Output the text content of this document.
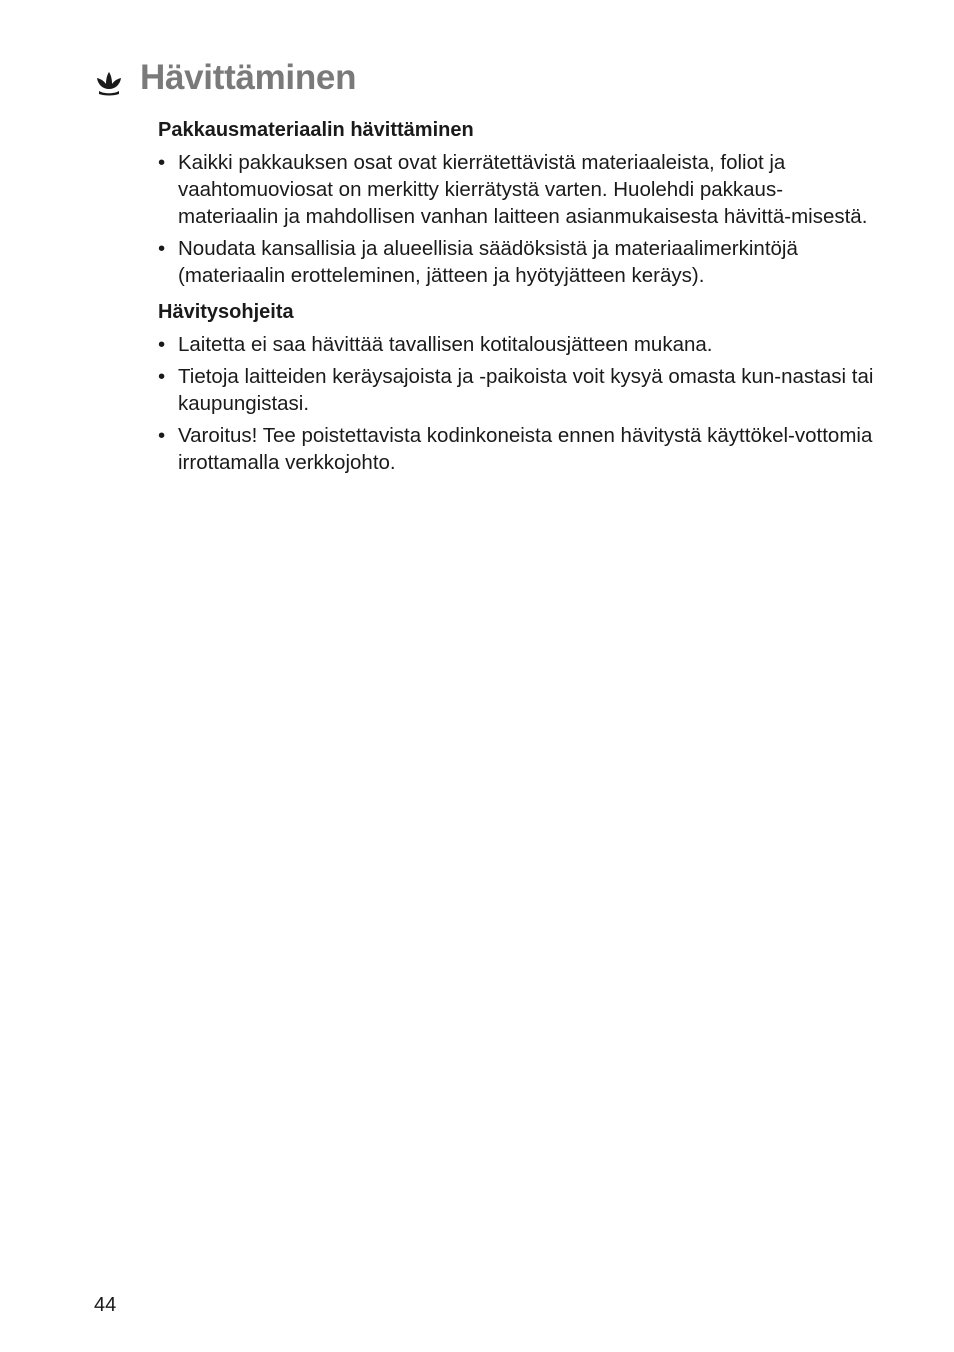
Hävittäminen
Pakkausmateriaalin hävittäminen
• Kaikki pakkauksen osat ovat kierrätettävistä materiaaleista, foliot ja vaahtomuoviosat on merkitty kierrätystä varten. Huolehdi pakkaus-materiaalin ja mahdollisen vanhan laitteen asianmukaisesta hävittä-misestä.
• Noudata kansallisia ja alueellisia säädöksistä ja materiaalimerkintöjä (materiaalin erotteleminen, jätteen ja hyötyjätteen keräys).
Hävitysohjeita
• Laitetta ei saa hävittää tavallisen kotitalousjätteen mukana.
• Tietoja laitteiden keräysajoista ja -paikoista voit kysyä omasta kun-nastasi tai kaupungistasi.
• Varoitus! Tee poistettavista kodinkoneista ennen hävitystä käyttökel-vottomia irrottamalla verkkojohto.
44
